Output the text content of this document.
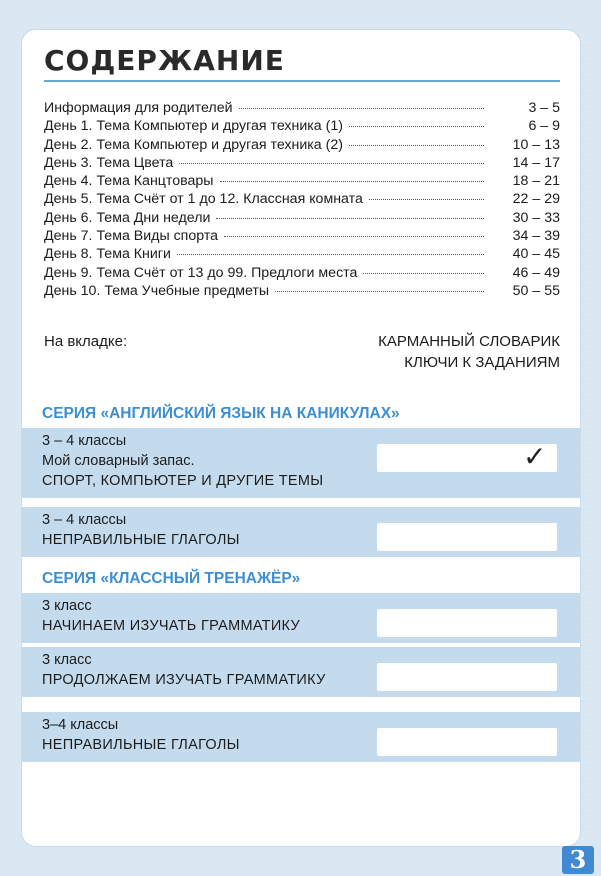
СОДЕРЖАНИЕ
Информация для родителей	3 – 5
День 1. Тема Компьютер и другая техника (1)	6 – 9
День 2. Тема Компьютер и другая техника (2)	10 – 13
День 3. Тема Цвета	14 – 17
День 4. Тема Канцтовары	18 – 21
День 5. Тема Счёт от 1 до 12. Классная комната	22 – 29
День 6. Тема Дни недели	30 – 33
День 7. Тема Виды спорта	34 – 39
День 8. Тема Книги	40 – 45
День 9. Тема Счёт от 13 до 99. Предлоги места	46 – 49
День 10. Тема Учебные предметы	50 – 55
На вкладке:	КАРМАННЫЙ СЛОВАРИК
КЛЮЧИ К ЗАДАНИЯМ
СЕРИЯ «АНГЛИЙСКИЙ ЯЗЫК НА КАНИКУЛАХ»
3 – 4 классы
Мой словарный запас.
СПОРТ, КОМПЬЮТЕР И ДРУГИЕ ТЕМЫ
✓
3 – 4 классы
НЕПРАВИЛЬНЫЕ ГЛАГОЛЫ
СЕРИЯ «КЛАССНЫЙ ТРЕНАЖЁР»
3 класс
НАЧИНАЕМ ИЗУЧАТЬ ГРАММАТИКУ
3 класс
ПРОДОЛЖАЕМ ИЗУЧАТЬ ГРАММАТИКУ
3–4 классы
НЕПРАВИЛЬНЫЕ ГЛАГОЛЫ
3
